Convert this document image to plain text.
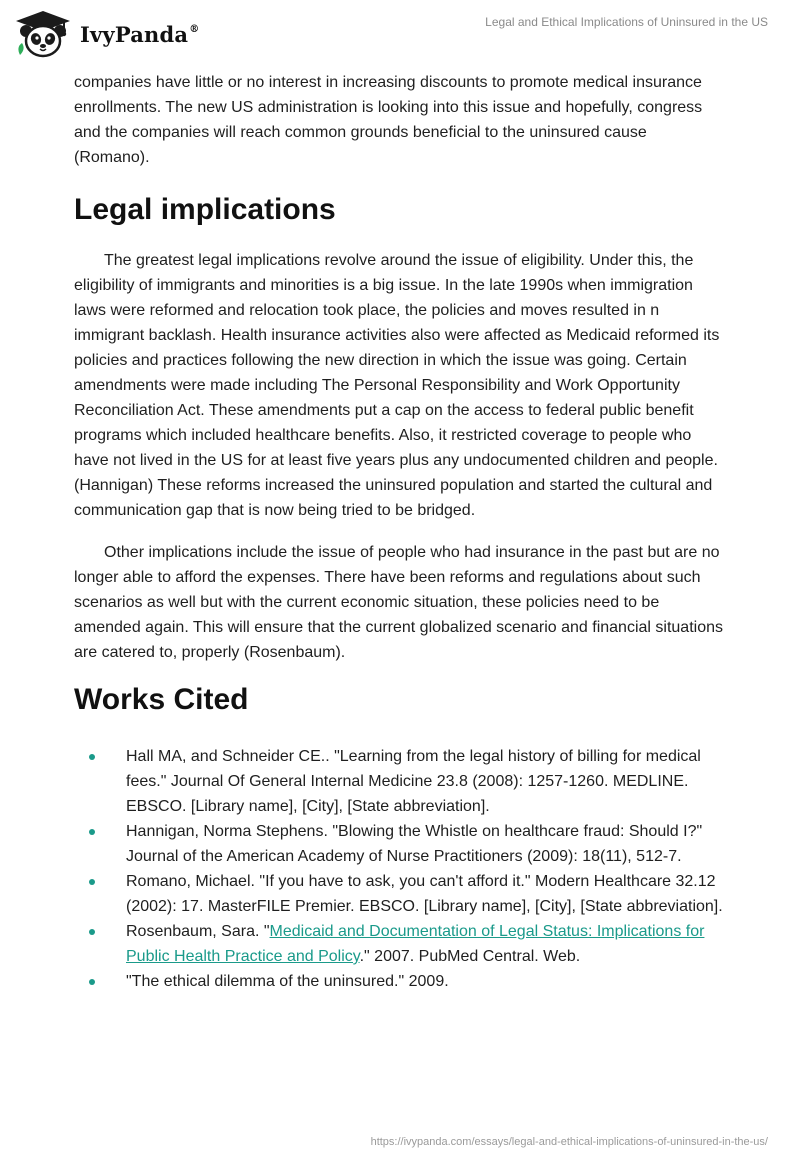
IvyPanda®	Legal and Ethical Implications of Uninsured in the US

companies have little or no interest in increasing discounts to promote medical insurance enrollments. The new US administration is looking into this issue and hopefully, congress and the companies will reach common grounds beneficial to the uninsured cause (Romano).

Legal implications

The greatest legal implications revolve around the issue of eligibility. Under this, the eligibility of immigrants and minorities is a big issue. In the late 1990s when immigration laws were reformed and relocation took place, the policies and moves resulted in n immigrant backlash. Health insurance activities also were affected as Medicaid reformed its policies and practices following the new direction in which the issue was going. Certain amendments were made including The Personal Responsibility and Work Opportunity Reconciliation Act. These amendments put a cap on the access to federal public benefit programs which included healthcare benefits. Also, it restricted coverage to people who have not lived in the US for at least five years plus any undocumented children and people. (Hannigan) These reforms increased the uninsured population and started the cultural and communication gap that is now being tried to be bridged.

Other implications include the issue of people who had insurance in the past but are no longer able to afford the expenses. There have been reforms and regulations about such scenarios as well but with the current economic situation, these policies need to be amended again. This will ensure that the current globalized scenario and financial situations are catered to, properly (Rosenbaum).

Works Cited
Hall MA, and Schneider CE.. "Learning from the legal history of billing for medical fees." Journal Of General Internal Medicine 23.8 (2008): 1257-1260. MEDLINE. EBSCO. [Library name], [City], [State abbreviation].
Hannigan, Norma Stephens. "Blowing the Whistle on healthcare fraud: Should I?" Journal of the American Academy of Nurse Practitioners (2009): 18(11), 512-7.
Romano, Michael. "If you have to ask, you can't afford it." Modern Healthcare 32.12 (2002): 17. MasterFILE Premier. EBSCO. [Library name], [City], [State abbreviation].
Rosenbaum, Sara. "Medicaid and Documentation of Legal Status: Implications for Public Health Practice and Policy." 2007. PubMed Central. Web.
"The ethical dilemma of the uninsured." 2009.
https://ivypanda.com/essays/legal-and-ethical-implications-of-uninsured-in-the-us/
